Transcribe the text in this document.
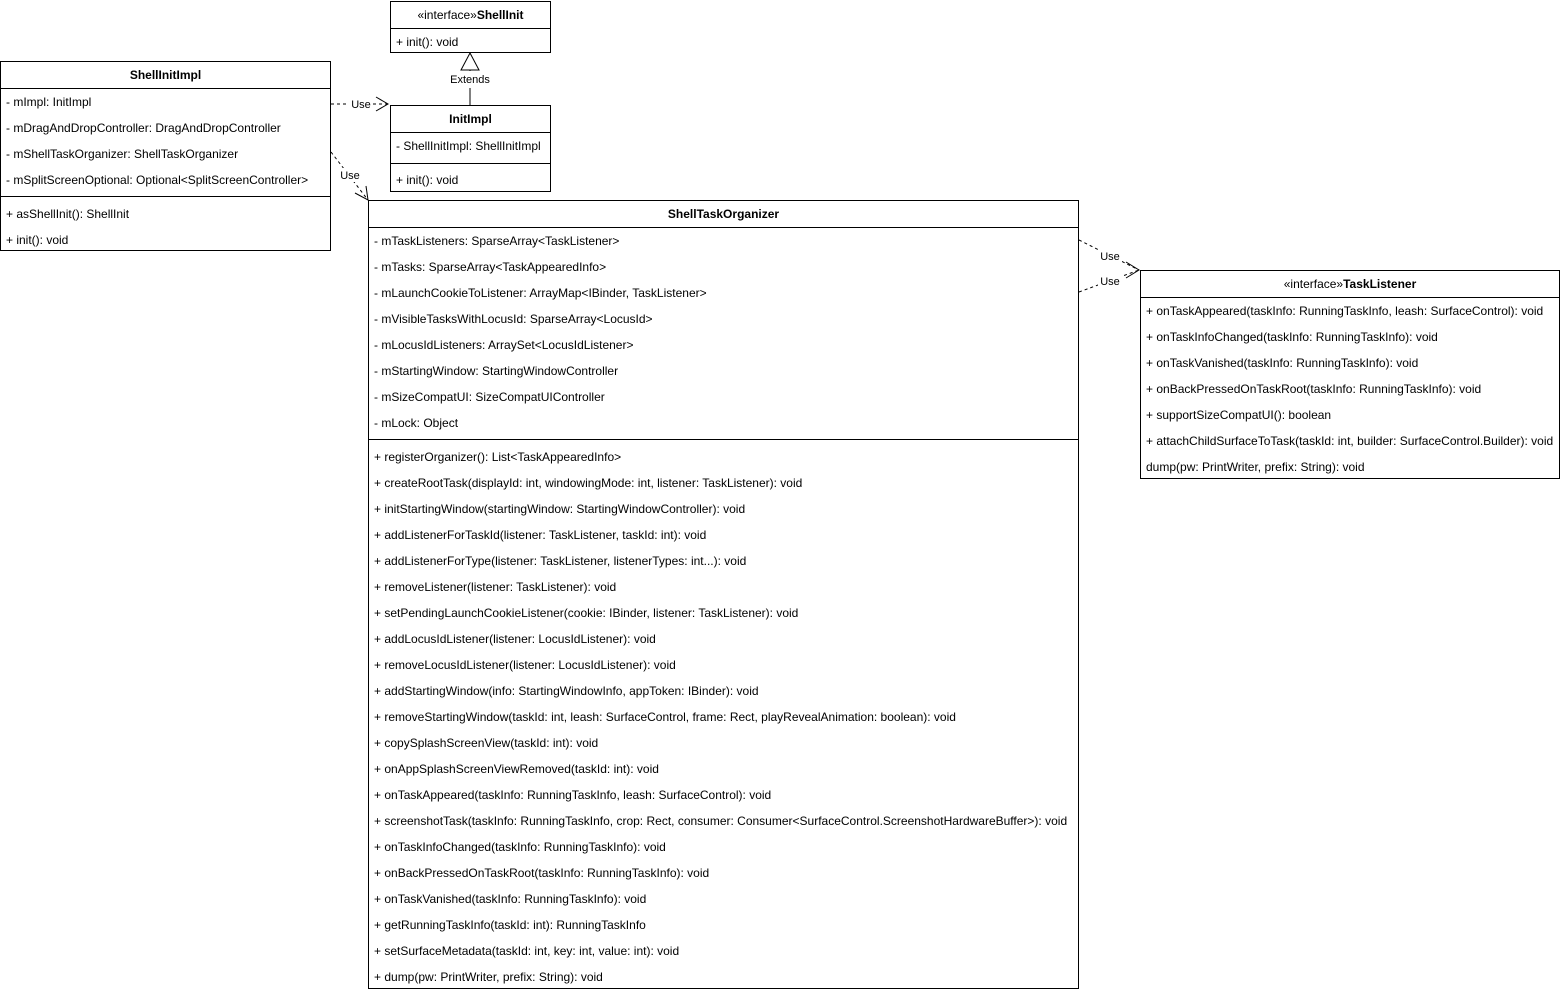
Extends
Use
Use
Use
Use
«interface»ShellInit
+ init(): void
ShellInitImpl
- mImpl: InitImpl
- mDragAndDropController: DragAndDropController
- mShellTaskOrganizer: ShellTaskOrganizer
- mSplitScreenOptional: Optional<SplitScreenController>
+ asShellInit(): ShellInit
+ init(): void
InitImpl
- ShellInitImpl: ShellInitImpl
+ init(): void
ShellTaskOrganizer
- mTaskListeners: SparseArray<TaskListener>
- mTasks: SparseArray<TaskAppearedInfo>
- mLaunchCookieToListener: ArrayMap<IBinder, TaskListener>
- mVisibleTasksWithLocusId: SparseArray<LocusId>
- mLocusIdListeners: ArraySet<LocusIdListener>
- mStartingWindow: StartingWindowController
- mSizeCompatUI: SizeCompatUIController
- mLock: Object
+ registerOrganizer(): List<TaskAppearedInfo>
+ createRootTask(displayId: int, windowingMode: int, listener: TaskListener): void
+ initStartingWindow(startingWindow: StartingWindowController): void
+ addListenerForTaskId(listener: TaskListener, taskId: int): void
+ addListenerForType(listener: TaskListener, listenerTypes: int...): void
+ removeListener(listener: TaskListener): void
+ setPendingLaunchCookieListener(cookie: IBinder, listener: TaskListener): void
+ addLocusIdListener(listener: LocusIdListener): void
+ removeLocusIdListener(listener: LocusIdListener): void
+ addStartingWindow(info: StartingWindowInfo, appToken: IBinder): void
+ removeStartingWindow(taskId: int, leash: SurfaceControl, frame: Rect, playRevealAnimation: boolean): void
+ copySplashScreenView(taskId: int): void
+ onAppSplashScreenViewRemoved(taskId: int): void
+ onTaskAppeared(taskInfo: RunningTaskInfo, leash: SurfaceControl): void
+ screenshotTask(taskInfo: RunningTaskInfo, crop: Rect, consumer: Consumer<SurfaceControl.ScreenshotHardwareBuffer>): void
+ onTaskInfoChanged(taskInfo: RunningTaskInfo): void
+ onBackPressedOnTaskRoot(taskInfo: RunningTaskInfo): void
+ onTaskVanished(taskInfo: RunningTaskInfo): void
+ getRunningTaskInfo(taskId: int): RunningTaskInfo
+ setSurfaceMetadata(taskId: int, key: int, value: int): void
+ dump(pw: PrintWriter, prefix: String): void
«interface»TaskListener
+ onTaskAppeared(taskInfo: RunningTaskInfo, leash: SurfaceControl): void
+ onTaskInfoChanged(taskInfo: RunningTaskInfo): void
+ onTaskVanished(taskInfo: RunningTaskInfo): void
+ onBackPressedOnTaskRoot(taskInfo: RunningTaskInfo): void
+ supportSizeCompatUI(): boolean
+ attachChildSurfaceToTask(taskId: int, builder: SurfaceControl.Builder): void
dump(pw: PrintWriter, prefix: String): void
